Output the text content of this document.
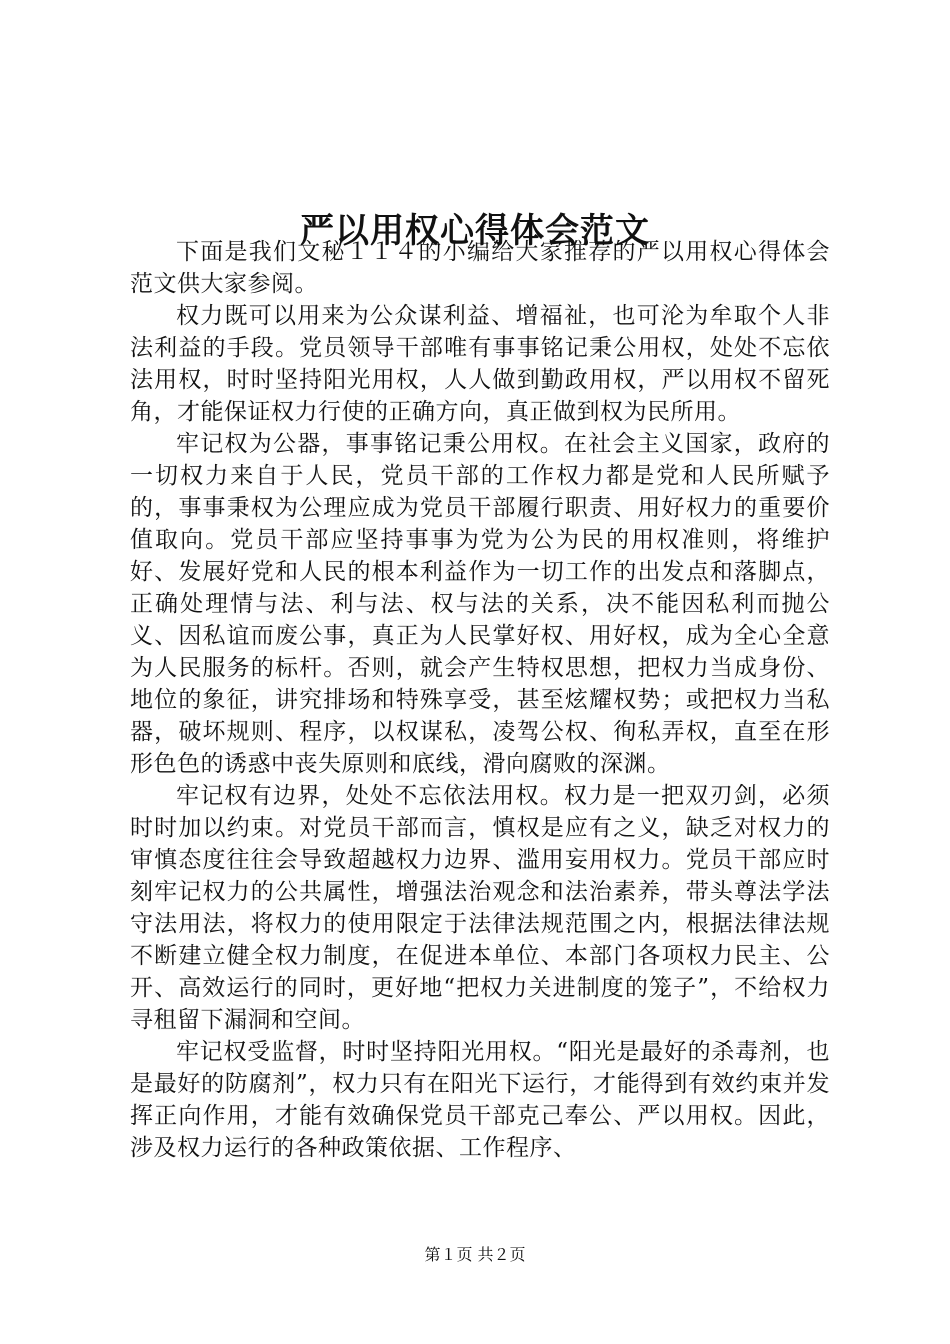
严以用权心得体会范文

下面是我们文秘１１４的小编给大家推荐的严以用权心得体会范文供大家参阅。

权力既可以用来为公众谋利益、增福祉，也可沦为牟取个人非法利益的手段。党员领导干部唯有事事铭记秉公用权，处处不忘依法用权，时时坚持阳光用权，人人做到勤政用权，严以用权不留死角，才能保证权力行使的正确方向，真正做到权为民所用。

牢记权为公器，事事铭记秉公用权。在社会主义国家，政府的一切权力来自于人民，党员干部的工作权力都是党和人民所赋予的，事事秉权为公理应成为党员干部履行职责、用好权力的重要价值取向。党员干部应坚持事事为党为公为民的用权准则，将维护好、发展好党和人民的根本利益作为一切工作的出发点和落脚点，正确处理情与法、利与法、权与法的关系，决不能因私利而抛公义、因私谊而废公事，真正为人民掌好权、用好权，成为全心全意为人民服务的标杆。否则，就会产生特权思想，把权力当成身份、地位的象征，讲究排场和特殊享受，甚至炫耀权势；或把权力当私器，破坏规则、程序，以权谋私，凌驾公权、徇私弄权，直至在形形色色的诱惑中丧失原则和底线，滑向腐败的深渊。

牢记权有边界，处处不忘依法用权。权力是一把双刃剑，必须时时加以约束。对党员干部而言，慎权是应有之义，缺乏对权力的审慎态度往往会导致超越权力边界、滥用妄用权力。党员干部应时刻牢记权力的公共属性，增强法治观念和法治素养，带头尊法学法守法用法，将权力的使用限定于法律法规范围之内，根据法律法规不断建立健全权力制度，在促进本单位、本部门各项权力民主、公开、高效运行的同时，更好地“把权力关进制度的笼子”，不给权力寻租留下漏洞和空间。

牢记权受监督，时时坚持阳光用权。“阳光是最好的杀毒剂，也是最好的防腐剂”，权力只有在阳光下运行，才能得到有效约束并发挥正向作用，才能有效确保党员干部克己奉公、严以用权。因此，涉及权力运行的各种政策依据、工作程序、

第１页 共２页
